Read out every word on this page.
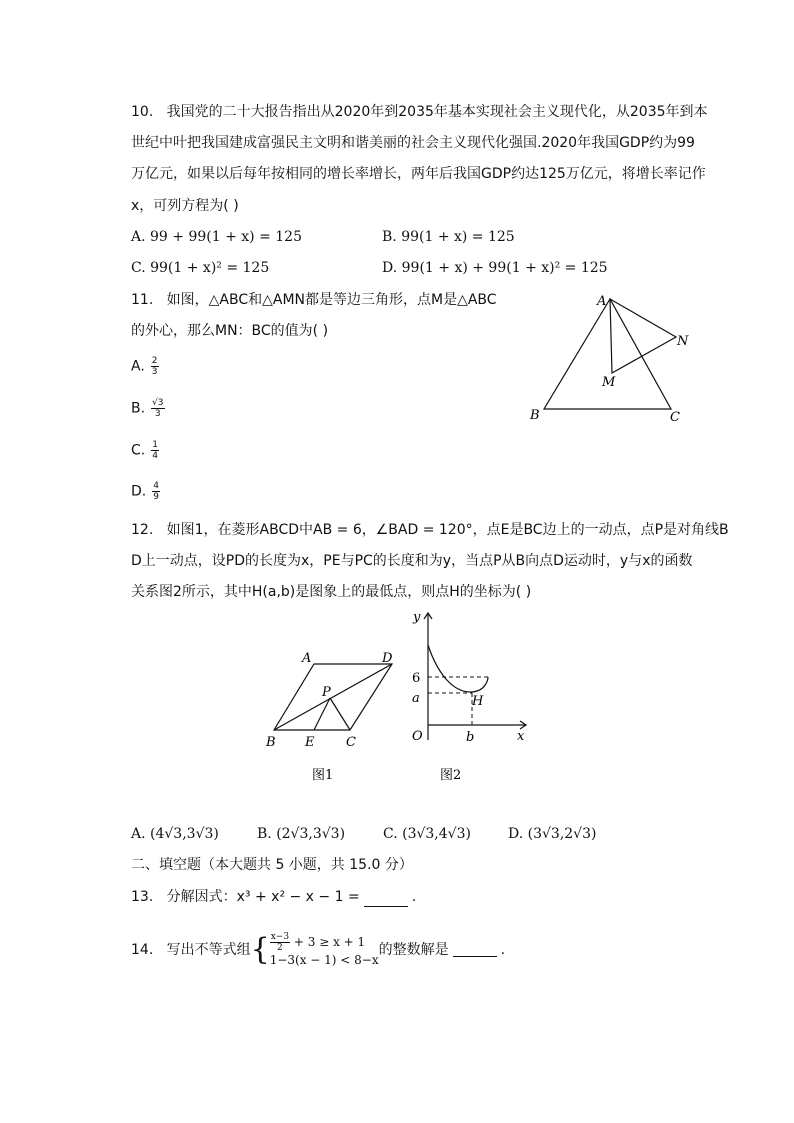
10. 我国党的二十大报告指出从2020年到2035年基本实现社会主义现代化，从2035年到本
世纪中叶把我国建成富强民主文明和谐美丽的社会主义现代化强国.2020年我国GDP约为99
万亿元，如果以后每年按相同的增长率增长，两年后我国GDP约达125万亿元，将增长率记作
x，可列方程为( )
A. 99 + 99(1 + x) = 125	B. 99(1 + x) = 125
C. 99(1 + x)² = 125	D. 99(1 + x) + 99(1 + x)² = 125
11. 如图，△ABC和△AMN都是等边三角形，点M是△ABC
的外心，那么MN：BC的值为( )
A. $\frac{2}{3}$
B. $\frac{√3}{3}$
C. $\frac{1}{4}$
D. $\frac{4}{9}$
A
B	C
M
N
12. 如图1，在菱形ABCD中AB = 6，∠BAD = 120°，点E是BC边上的一动点，点P是对角线B
D上一动点，设PD的长度为x，PE与PC的长度和为y，当点P从B向点D运动时，y与x的函数
关系图2所示，其中H(a,b)是图象上的最低点，则点H的坐标为( )
A	D
B E C
P
图1
y
x
6
a
O	b
H
图2
A. (4√3,3√3)	B. (2√3,3√3)	C. (3√3,4√3)	D. (3√3,2√3)
二、填空题（本大题共 5 小题，共 15.0 分）
13. 分解因式：x³ + x² − x − 1 =	.
14.
写出不等式组 { $\frac{x-3}{2} + 3 \ge x + 1$
1−3(x − 1) < 8−x
的整数解是	.
